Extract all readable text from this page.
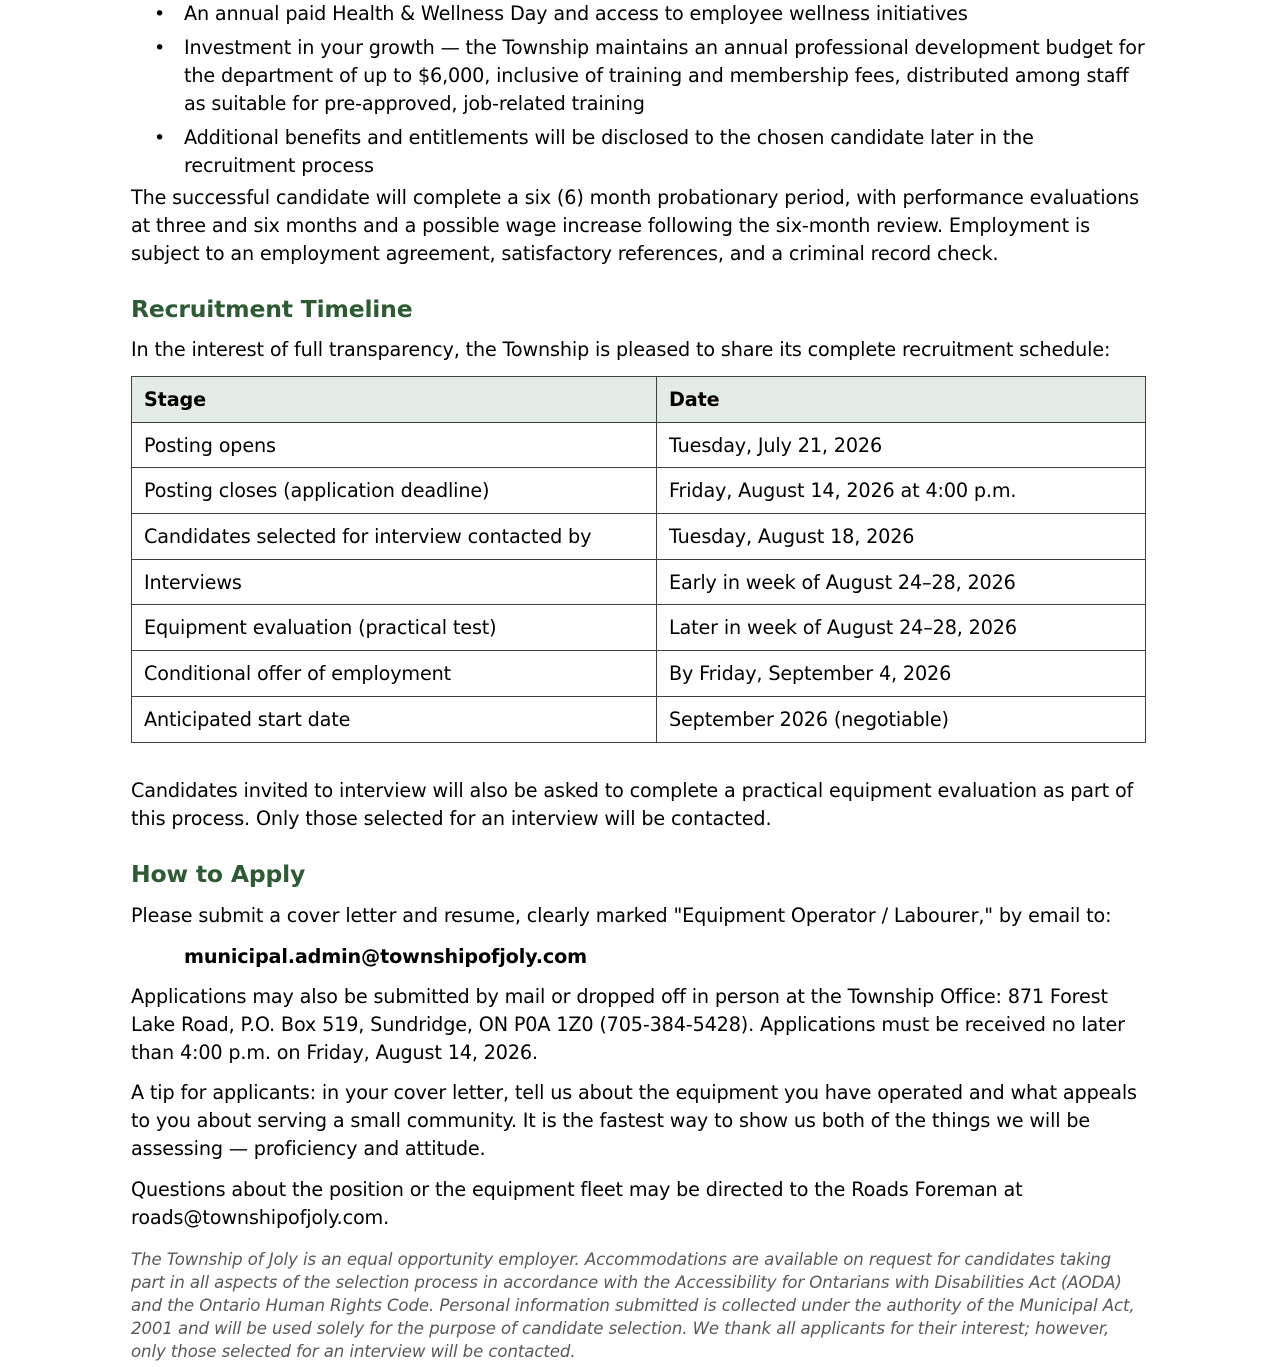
• An annual paid Health & Wellness Day and access to employee wellness initiatives
• Investment in your growth — the Township maintains an annual professional development budget for the department of up to $6,000, inclusive of training and membership fees, distributed among staff as suitable for pre-approved, job-related training
• Additional benefits and entitlements will be disclosed to the chosen candidate later in the recruitment process

The successful candidate will complete a six (6) month probationary period, with performance evaluations at three and six months and a possible wage increase following the six-month review. Employment is subject to an employment agreement, satisfactory references, and a criminal record check.

Recruitment Timeline

In the interest of full transparency, the Township is pleased to share its complete recruitment schedule:

Stage	Date
Posting opens	Tuesday, July 21, 2026
Posting closes (application deadline)	Friday, August 14, 2026 at 4:00 p.m.
Candidates selected for interview contacted by	Tuesday, August 18, 2026
Interviews	Early in week of August 24–28, 2026
Equipment evaluation (practical test)	Later in week of August 24–28, 2026
Conditional offer of employment	By Friday, September 4, 2026
Anticipated start date	September 2026 (negotiable)

Candidates invited to interview will also be asked to complete a practical equipment evaluation as part of this process. Only those selected for an interview will be contacted.

How to Apply

Please submit a cover letter and resume, clearly marked "Equipment Operator / Labourer," by email to:

municipal.admin@townshipofjoly.com

Applications may also be submitted by mail or dropped off in person at the Township Office: 871 Forest Lake Road, P.O. Box 519, Sundridge, ON P0A 1Z0 (705-384-5428). Applications must be received no later than 4:00 p.m. on Friday, August 14, 2026.

A tip for applicants: in your cover letter, tell us about the equipment you have operated and what appeals to you about serving a small community. It is the fastest way to show us both of the things we will be assessing — proficiency and attitude.

Questions about the position or the equipment fleet may be directed to the Roads Foreman at roads@townshipofjoly.com.

The Township of Joly is an equal opportunity employer. Accommodations are available on request for candidates taking part in all aspects of the selection process in accordance with the Accessibility for Ontarians with Disabilities Act (AODA) and the Ontario Human Rights Code. Personal information submitted is collected under the authority of the Municipal Act, 2001 and will be used solely for the purpose of candidate selection. We thank all applicants for their interest; however, only those selected for an interview will be contacted.
